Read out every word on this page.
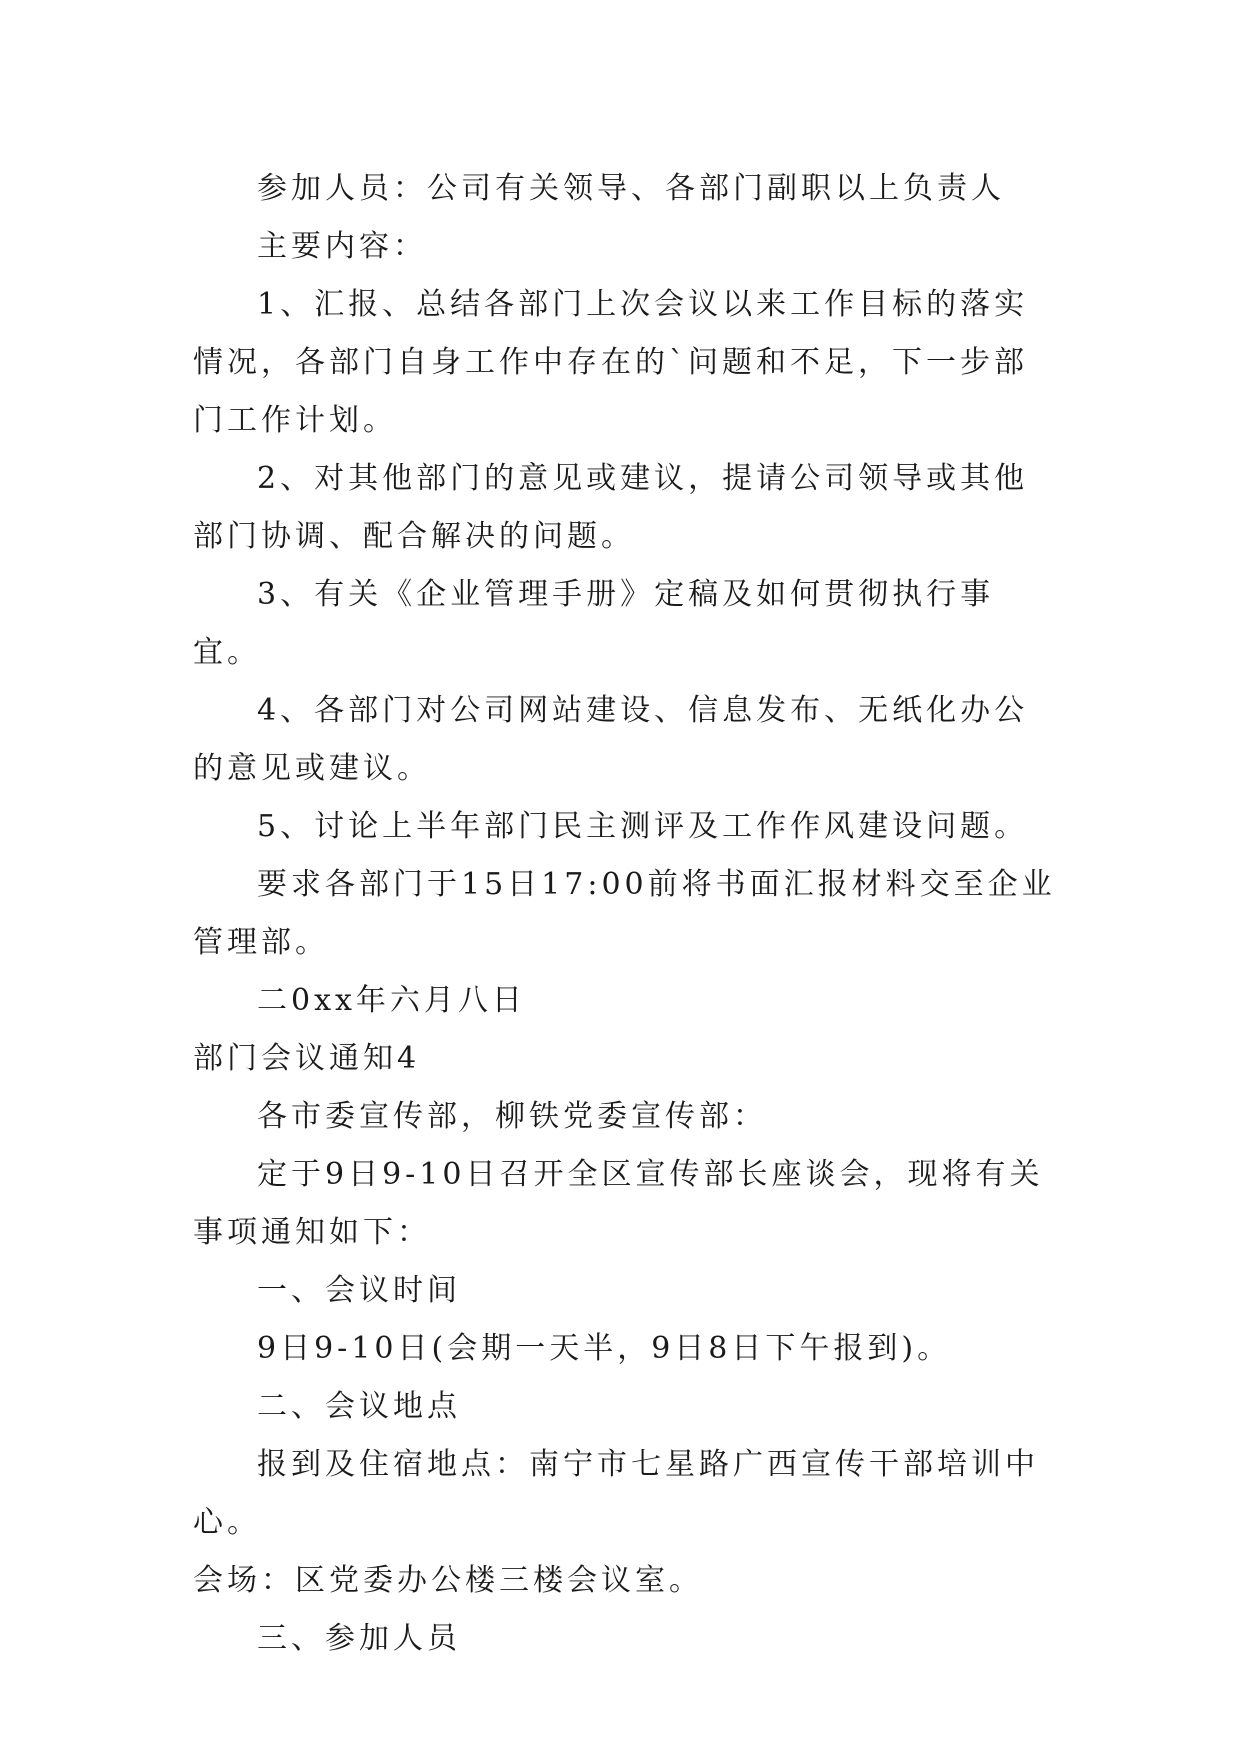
参加人员：公司有关领导、各部门副职以上负责人

主要内容：

1、汇报、总结各部门上次会议以来工作目标的落实情况，各部门自身工作中存在的`问题和不足，下一步部门工作计划。

2、对其他部门的意见或建议，提请公司领导或其他部门协调、配合解决的问题。

3、有关《企业管理手册》定稿及如何贯彻执行事宜。

4、各部门对公司网站建设、信息发布、无纸化办公的意见或建议。

5、讨论上半年部门民主测评及工作作风建设问题。

要求各部门于15日17:00前将书面汇报材料交至企业管理部。

二0xx年六月八日

部门会议通知4

各市委宣传部，柳铁党委宣传部：

定于9日9-10日召开全区宣传部长座谈会，现将有关事项通知如下：

一、会议时间

9日9-10日(会期一天半，9日8日下午报到)。

二、会议地点

报到及住宿地点：南宁市七星路广西宣传干部培训中心。

会场：区党委办公楼三楼会议室。

三、参加人员
